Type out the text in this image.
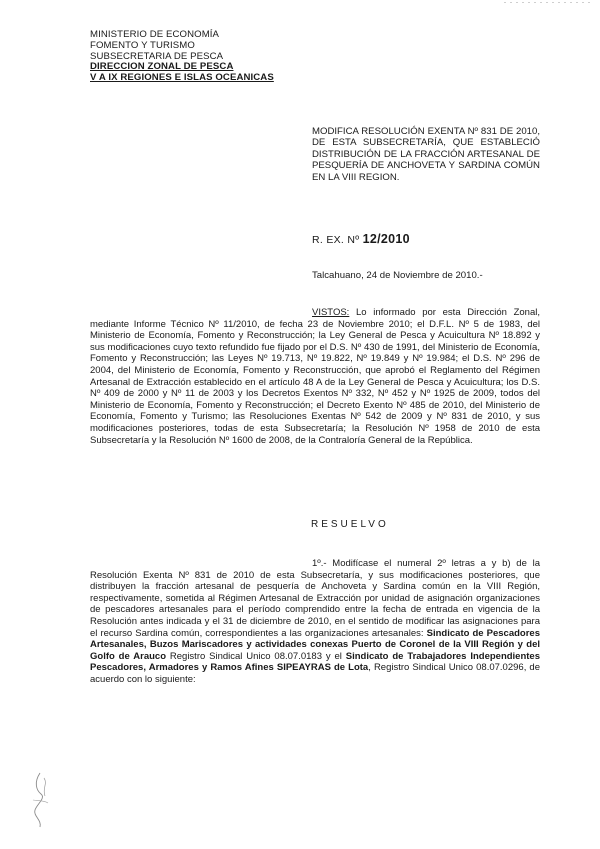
MINISTERIO DE ECONOMÍA
FOMENTO Y TURISMO
SUBSECRETARIA DE PESCA
DIRECCION ZONAL DE PESCA
V A IX REGIONES E ISLAS OCEANICAS
MODIFICA RESOLUCIÓN EXENTA Nº 831 DE 2010, DE ESTA SUBSECRETARÍA, QUE ESTABLECIÓ DISTRIBUCIÓN DE LA FRACCIÓN ARTESANAL DE PESQUERÍA DE ANCHOVETA Y SARDINA COMÚN EN LA VIII REGION.
R. EX. Nº 12/2010
Talcahuano, 24 de Noviembre de 2010.-
VISTOS: Lo informado por esta Dirección Zonal, mediante Informe Técnico Nº 11/2010, de fecha 23 de Noviembre 2010; el D.F.L. Nº 5 de 1983, del Ministerio de Economía, Fomento y Reconstrucción; la Ley General de Pesca y Acuicultura Nº 18.892 y sus modificaciones cuyo texto refundido fue fijado por el D.S. Nº 430 de 1991, del Ministerio de Economía, Fomento y Reconstrucción; las Leyes Nº 19.713, Nº 19.822, Nº 19.849 y Nº 19.984; el D.S. Nº 296 de 2004, del Ministerio de Economía, Fomento y Reconstrucción, que aprobó el Reglamento del Régimen Artesanal de Extracción establecido en el artículo 48 A de la Ley General de Pesca y Acuicultura; los D.S. Nº 409 de 2000 y Nº 11 de 2003 y los Decretos Exentos Nº 332, Nº 452 y Nº 1925 de 2009, todos del Ministerio de Economía, Fomento y Reconstrucción; el Decreto Exento Nº 485 de 2010, del Ministerio de Economía, Fomento y Turismo; las Resoluciones Exentas Nº 542 de 2009 y Nº 831 de 2010, y sus modificaciones posteriores, todas de esta Subsecretaría; la Resolución Nº 1958 de 2010 de esta Subsecretaría y la Resolución Nº 1600 de 2008, de la Contraloría General de la República.
RESUELVO
1º.- Modifícase el numeral 2º letras a y b) de la Resolución Exenta Nº 831 de 2010 de esta Subsecretaría, y sus modificaciones posteriores, que distribuyen la fracción artesanal de pesquería de Anchoveta y Sardina común en la VIII Región, respectivamente, sometida al Régimen Artesanal de Extracción por unidad de asignación organizaciones de pescadores artesanales para el período comprendido entre la fecha de entrada en vigencia de la Resolución antes indicada y el 31 de diciembre de 2010, en el sentido de modificar las asignaciones para el recurso Sardina común, correspondientes a las organizaciones artesanales: Sindicato de Pescadores Artesanales, Buzos Mariscadores y actividades conexas Puerto de Coronel de la VIII Región y del Golfo de Arauco Registro Sindical Unico 08.07.0183 y el Sindicato de Trabajadores Independientes Pescadores, Armadores y Ramos Afines SIPEAYRAS de Lota, Registro Sindical Unico 08.07.0296, de acuerdo con lo siguiente:
